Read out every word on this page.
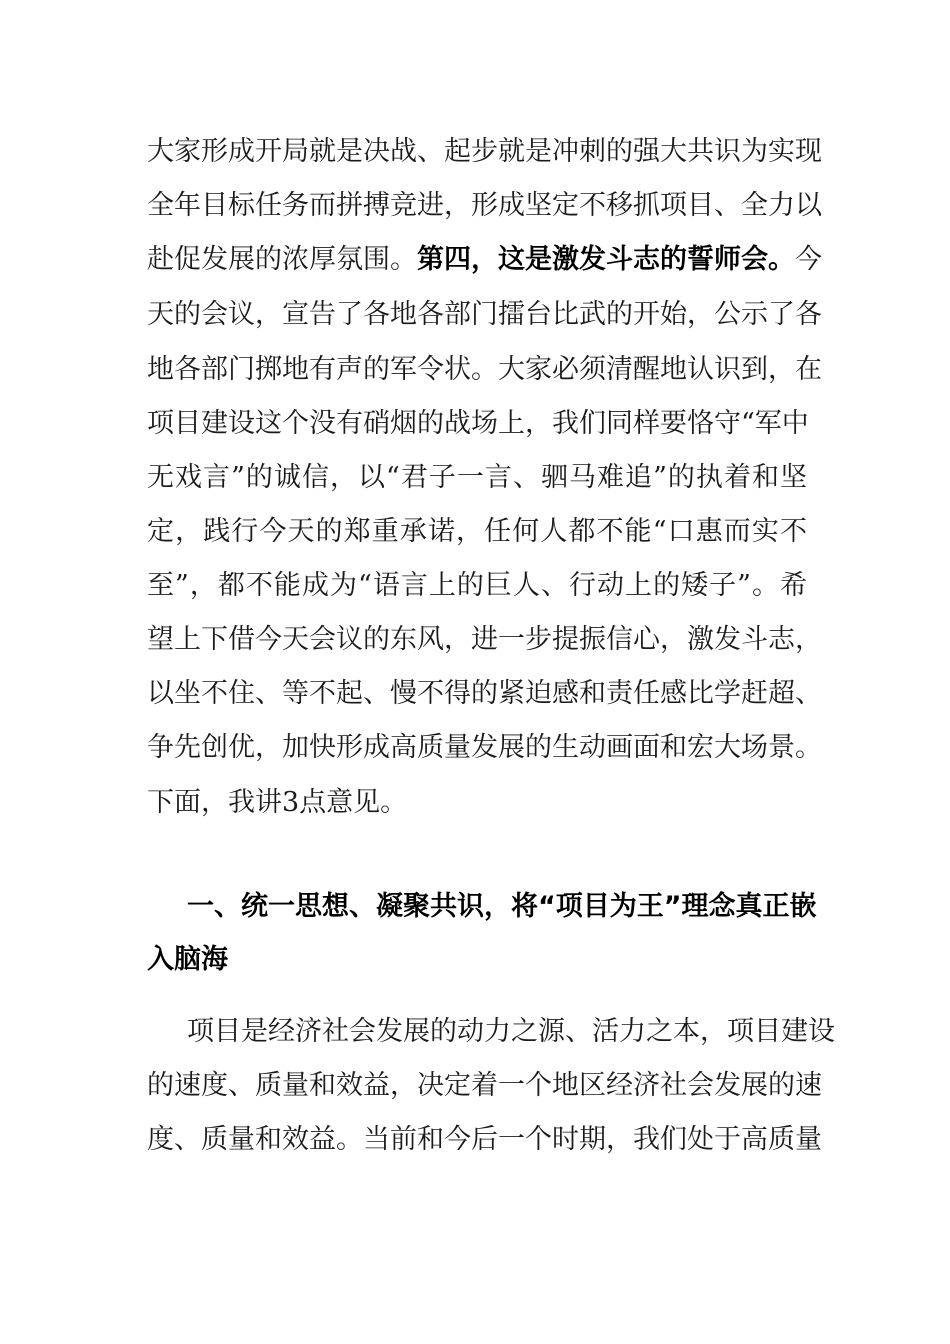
大家形成开局就是决战、起步就是冲刺的强大共识为实现
全年目标任务而拼搏竞进，形成坚定不移抓项目、全力以
赴促发展的浓厚氛围。第四，这是激发斗志的誓师会。今
天的会议，宣告了各地各部门擂台比武的开始，公示了各
地各部门掷地有声的军令状。大家必须清醒地认识到，在
项目建设这个没有硝烟的战场上，我们同样要恪守“军中
无戏言”的诚信，以“君子一言、驷马难追”的执着和坚
定，践行今天的郑重承诺，任何人都不能“口惠而实不
至”，都不能成为“语言上的巨人、行动上的矮子”。希
望上下借今天会议的东风，进一步提振信心，激发斗志，
以坐不住、等不起、慢不得的紧迫感和责任感比学赶超、
争先创优，加快形成高质量发展的生动画面和宏大场景。
下面，我讲3点意见。
一、统一思想、凝聚共识，将“项目为王”理念真正嵌
入脑海
项目是经济社会发展的动力之源、活力之本，项目建设
的速度、质量和效益，决定着一个地区经济社会发展的速
度、质量和效益。当前和今后一个时期，我们处于高质量
